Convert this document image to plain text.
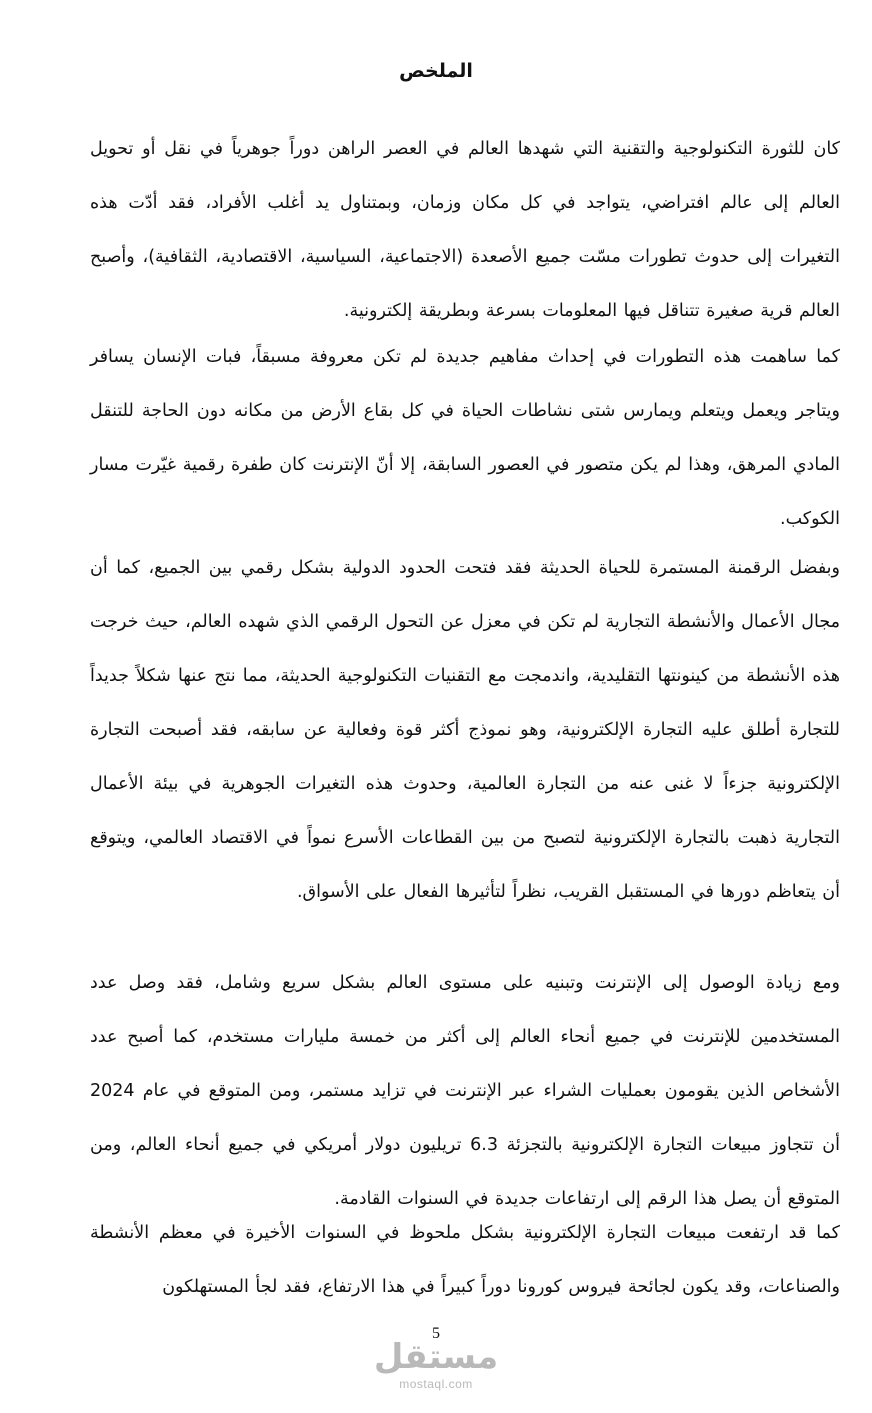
الملخص

كان للثورة التكنولوجية والتقنية التي شهدها العالم في العصر الراهن دوراً جوهرياً في نقل أو تحويل العالم إلى عالم افتراضي، يتواجد في كل مكان وزمان، وبمتناول يد أغلب الأفراد، فقد أدّت هذه التغيرات إلى حدوث تطورات مسّت جميع الأصعدة (الاجتماعية، السياسية، الاقتصادية، الثقافية)، وأصبح العالم قرية صغيرة تتناقل فيها المعلومات بسرعة وبطريقة إلكترونية.

كما ساهمت هذه التطورات في إحداث مفاهيم جديدة لم تكن معروفة مسبقاً، فبات الإنسان يسافر ويتاجر ويعمل ويتعلم ويمارس شتى نشاطات الحياة في كل بقاع الأرض من مكانه دون الحاجة للتنقل المادي المرهق، وهذا لم يكن متصور في العصور السابقة، إلا أنّ الإنترنت كان طفرة رقمية غيّرت مسار الكوكب.

وبفضل الرقمنة المستمرة للحياة الحديثة فقد فتحت الحدود الدولية بشكل رقمي بين الجميع، كما أن مجال الأعمال والأنشطة التجارية لم تكن في معزل عن التحول الرقمي الذي شهده العالم، حيث خرجت هذه الأنشطة من كينونتها التقليدية، واندمجت مع التقنيات التكنولوجية الحديثة، مما نتج عنها شكلاً جديداً للتجارة أطلق عليه التجارة الإلكترونية، وهو نموذج أكثر قوة وفعالية عن سابقه، فقد أصبحت التجارة الإلكترونية جزءاً لا غنى عنه من التجارة العالمية، وحدوث هذه التغيرات الجوهرية في بيئة الأعمال التجارية ذهبت بالتجارة الإلكترونية لتصبح من بين القطاعات الأسرع نمواً في الاقتصاد العالمي، ويتوقع أن يتعاظم دورها في المستقبل القريب، نظراً لتأثيرها الفعال على الأسواق.

ومع زيادة الوصول إلى الإنترنت وتبنيه على مستوى العالم بشكل سريع وشامل، فقد وصل عدد المستخدمين للإنترنت في جميع أنحاء العالم إلى أكثر من خمسة مليارات مستخدم، كما أصبح عدد الأشخاص الذين يقومون بعمليات الشراء عبر الإنترنت في تزايد مستمر، ومن المتوقع في عام 2024 أن تتجاوز مبيعات التجارة الإلكترونية بالتجزئة 6.3 تريليون دولار أمريكي في جميع أنحاء العالم، ومن المتوقع أن يصل هذا الرقم إلى ارتفاعات جديدة في السنوات القادمة.

كما قد ارتفعت مبيعات التجارة الإلكترونية بشكل ملحوظ في السنوات الأخيرة في معظم الأنشطة والصناعات، وقد يكون لجائحة فيروس كورونا دوراً كبيراً في هذا الارتفاع، فقد لجأ المستهلكون

5
مستقل
mostaql.com
